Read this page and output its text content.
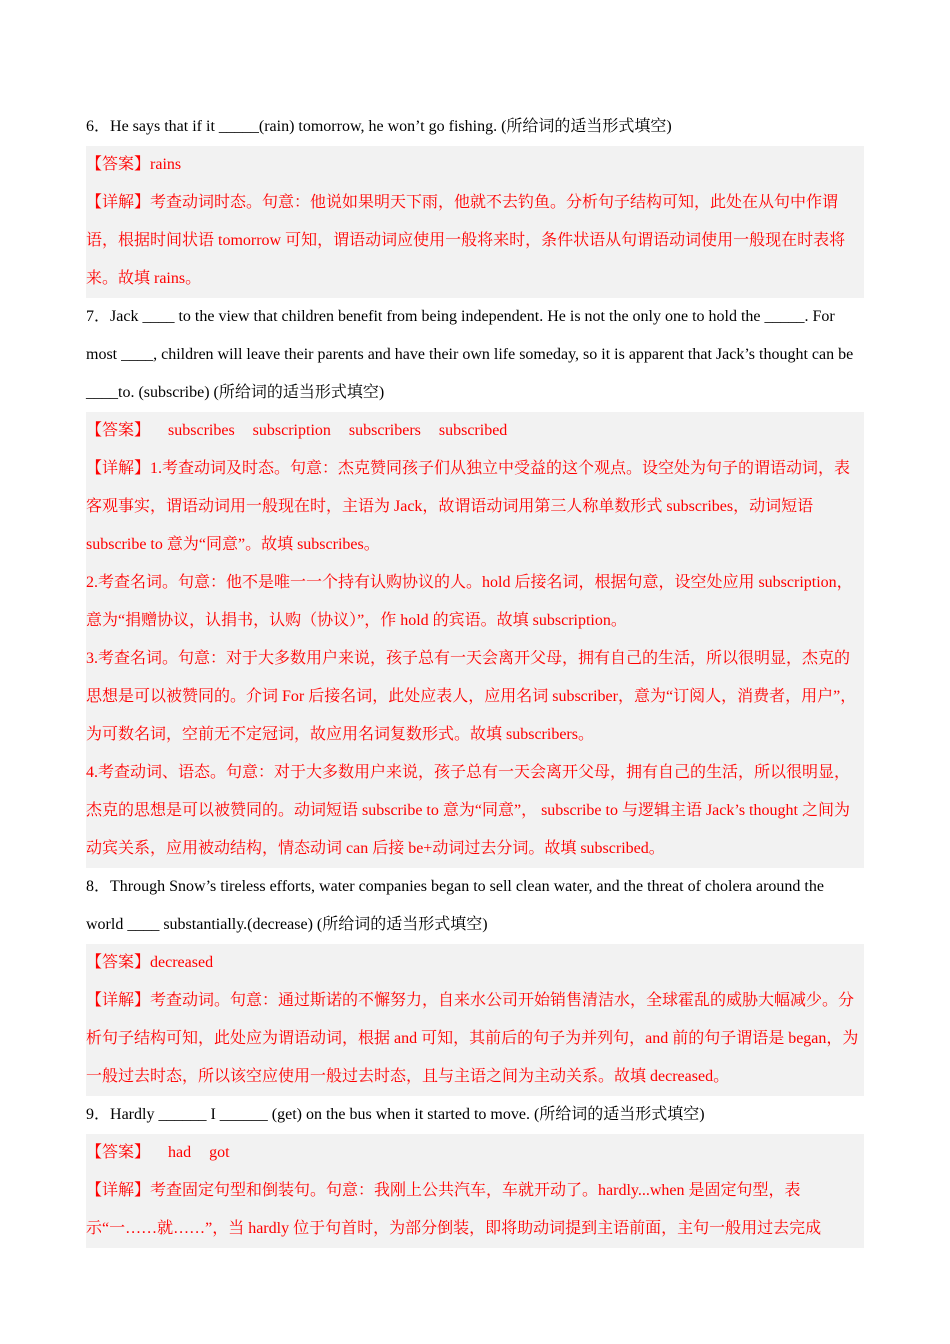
6．He says that if it _____(rain) tomorrow, he won’t go fishing. (所给词的适当形式填空)

【答案】rains

【详解】考查动词时态。句意：他说如果明天下雨，他就不去钓鱼。分析句子结构可知，此处在从句中作谓语，根据时间状语 tomorrow 可知，谓语动词应使用一般将来时，条件状语从句谓语动词使用一般现在时表将来。故填 rains。

7．Jack ____ to the view that children benefit from being independent. He is not the only one to hold the _____. For most ____, children will leave their parents and have their own life someday, so it is apparent that Jack’s thought can be ____to. (subscribe) (所给词的适当形式填空)

【答案】 subscribes subscription subscribers subscribed

【详解】1.考查动词及时态。句意：杰克赞同孩子们从独立中受益的这个观点。设空处为句子的谓语动词，表客观事实，谓语动词用一般现在时，主语为 Jack，故谓语动词用第三人称单数形式 subscribes，动词短语 subscribe to 意为“同意”。故填 subscribes。

2.考查名词。句意：他不是唯一一个持有认购协议的人。hold 后接名词，根据句意，设空处应用 subscription，意为“捐赠协议，认捐书，认购（协议）”，作 hold 的宾语。故填 subscription。

3.考查名词。句意：对于大多数用户来说，孩子总有一天会离开父母，拥有自己的生活，所以很明显，杰克的思想是可以被赞同的。介词 For 后接名词，此处应表人，应用名词 subscriber，意为“订阅人，消费者，用户”，为可数名词，空前无不定冠词，故应用名词复数形式。故填 subscribers。

4.考查动词、语态。句意：对于大多数用户来说，孩子总有一天会离开父母，拥有自己的生活，所以很明显，杰克的思想是可以被赞同的。动词短语 subscribe to 意为“同意”， subscribe to 与逻辑主语 Jack’s thought 之间为动宾关系，应用被动结构，情态动词 can 后接 be+动词过去分词。故填 subscribed。

8．Through Snow’s tireless efforts, water companies began to sell clean water, and the threat of cholera around the world ____ substantially.(decrease) (所给词的适当形式填空)

【答案】decreased

【详解】考查动词。句意：通过斯诺的不懈努力，自来水公司开始销售清洁水，全球霍乱的威胁大幅减少。分析句子结构可知，此处应为谓语动词，根据 and 可知，其前后的句子为并列句，and 前的句子谓语是 began，为一般过去时态，所以该空应使用一般过去时态，且与主语之间为主动关系。故填 decreased。

9．Hardly ______ I ______ (get) on the bus when it started to move. (所给词的适当形式填空)

【答案】 had got

【详解】考查固定句型和倒装句。句意：我刚上公共汽车，车就开动了。hardly...when 是固定句型，表示“一……就……”，当 hardly 位于句首时，为部分倒装，即将助动词提到主语前面，主句一般用过去完成
